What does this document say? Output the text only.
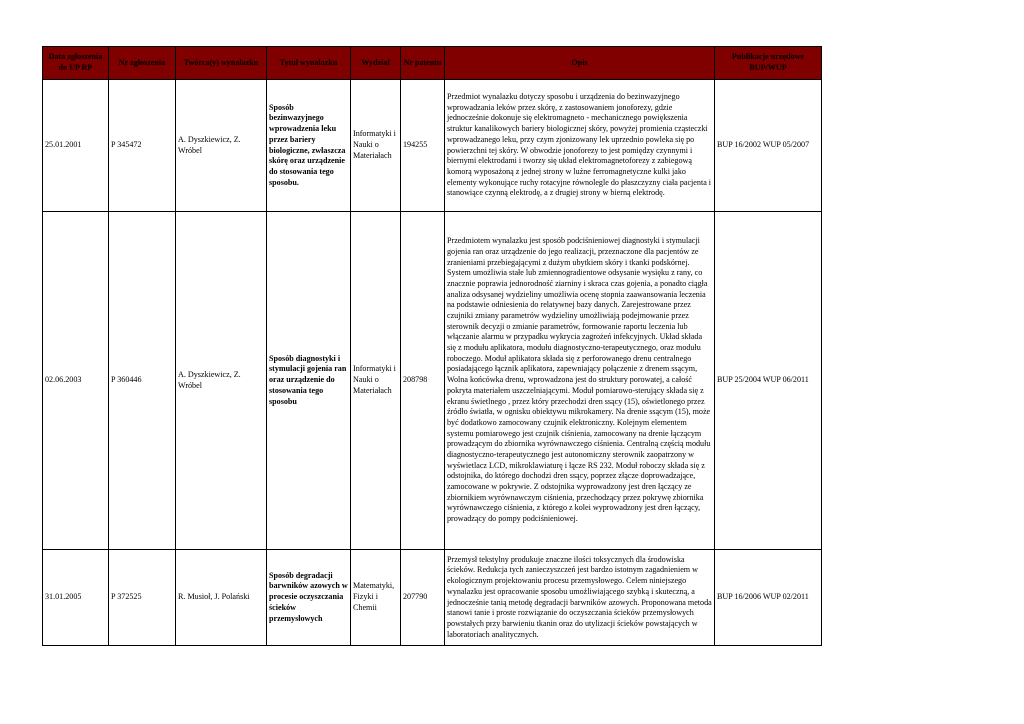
Data zgłoszenia do UP RP	Nr zgłoszenia	Twórca(y) wynalazku	Tytuł wynalazku	Wydział	Nr patentu	Opis	Publikacje urzędowe BUP/WUP
25.01.2001	P 345472	A. Dyszkiewicz, Z. Wróbel	Sposób bezinwazyjnego wprowadzenia leku przez bariery biologiczne, zwłaszcza skórę oraz urządzenie do stosowania tego sposobu.	Informatyki i Nauki o Materiałach	194255	Przedmiot wynalazku dotyczy sposobu i urządzenia do bezinwazyjnego wprowadzania leków przez skórę, z zastosowaniem jonoforezy, gdzie jednocześnie dokonuje się elektromagneto - mechanicznego powiększenia struktur kanalikowych bariery biologicznej skóry, powyżej promienia cząsteczki wprowadzanego leku, przy czym zjonizowany lek uprzednio powleka się po powierzchni tej skóry. W obwodzie jonoforezy to jest pomiędzy czynnymi i biernymi elektrodami i tworzy się układ elektromagnetoforezy z zabiegową komorą wyposażoną z jednej strony w luźne ferromagnetyczne kulki jako elementy wykonujące ruchy rotacyjne równolegle do płaszczyzny ciała pacjenta i stanowiące czynną elektrodę, a z drugiej strony w bierną elektrodę.	BUP 16/2002 WUP 05/2007
02.06.2003	P 360446	A. Dyszkiewicz, Z. Wróbel	Sposób diagnostyki i stymulacji gojenia ran oraz urządzenie do stosowania tego sposobu	Informatyki i Nauki o Materiałach	208798	Przedmiotem wynalazku jest sposób podciśnieniowej diagnostyki i stymulacji gojenia ran oraz urządzenie do jego realizacji, przeznaczone dla pacjentów ze zranieniami przebiegającymi z dużym ubytkiem skóry i tkanki podskórnej. System umożliwia stałe lub zmiennogradientowe odsysanie wysięku z rany, co znacznie poprawia jednorodność ziarniny i skraca czas gojenia, a ponadto ciągła analiza odsysanej wydzieliny umożliwia ocenę stopnia zaawansowania leczenia na podstawie odniesienia do relatywnej bazy danych. Zarejestrowane przez czujniki zmiany parametrów wydzieliny umożliwiają podejmowanie przez sterownik decyzji o zmianie parametrów, formowanie raportu leczenia lub włączanie alarmu w przypadku wykrycia zagrożeń infekcyjnych. Układ składa się z modułu aplikatora, modułu diagnostyczno-terapeutycznego, oraz modułu roboczego. Moduł aplikatora składa się z perforowanego drenu centralnego posiadającego łącznik aplikatora, zapewniający połączenie z drenem ssącym, Wolna końcówka drenu, wprowadzona jest do struktury porowatej, a całość pokryta materiałem uszczelniającymi. Moduł pomiarowo-sterujący składa się z ekranu świetlnego , przez który przechodzi dren ssący (15), oświetlonego przez źródło światła, w ognisku obiektywu mikrokamery. Na drenie ssącym (15), może być dodatkowo zamocowany czujnik elektroniczny. Kolejnym elementem systemu pomiarowego jest czujnik ciśnienia, zamocowany na drenie łączącym prowadzącym do zbiornika wyrównawczego ciśnienia. Centralną częścią modułu diagnostyczno-terapeutycznego jest autonomiczny sterownik zaopatrzony w wyświetlacz LCD, mikroklawiaturę i łącze RS 232. Moduł roboczy składa się z odstojnika, do którego dochodzi dren ssący, poprzez złącze doprowadzające, zamocowane w pokrywie. Z odstojnika wyprowadzony jest dren łączący ze zbiornikiem wyrównawczym ciśnienia, przechodzący przez pokrywę zbiornika wyrównawczego ciśnienia, z którego z kolei wyprowadzony jest dren łączący, prowadzący do pompy podciśnieniowej.	BUP 25/2004 WUP 06/2011
31.01.2005	P 372525	R. Musioł, J. Polański	Sposób degradacji barwników azowych w procesie oczyszczania ścieków przemysłowych	Matematyki, Fizyki i Chemii	207790	Przemysł tekstylny produkuje znaczne ilości toksycznych dla środowiska ścieków. Redukcja tych zanieczyszczeń jest bardzo istotnym zagadnieniem w ekologicznym projektowaniu procesu przemysłowego. Celem niniejszego wynalazku jest opracowanie sposobu umożliwiającego szybką i skuteczną, a jednocześnie tanią metodę degradacji barwników azowych. Proponowana metoda stanowi tanie i proste rozwiązanie do oczyszczania ścieków przemysłowych powstałych przy barwieniu tkanin oraz do utylizacji ścieków powstających w laboratoriach analitycznych.	BUP 16/2006 WUP 02/2011
